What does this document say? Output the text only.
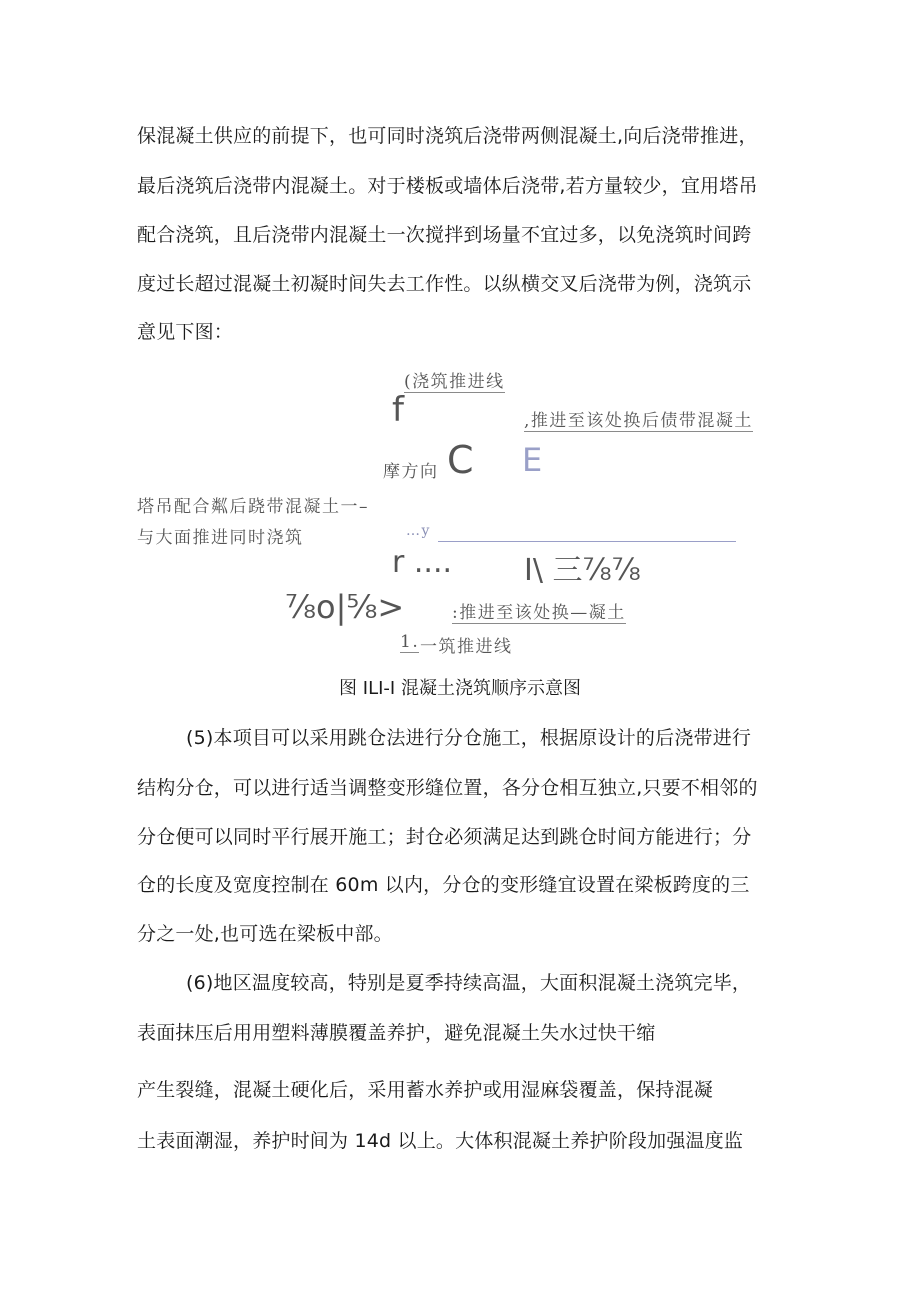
保混凝土供应的前提下，也可同时浇筑后浇带两侧混凝土,向后浇带推进，
最后浇筑后浇带内混凝土。对于楼板或墙体后浇带,若方量较少，宜用塔吊
配合浇筑，且后浇带内混凝土一次搅拌到场量不宜过多，以免浇筑时间跨
度过长超过混凝土初凝时间失去工作性。以纵横交叉后浇带为例，浇筑示
意见下图：
(浇筑推进线
f	,推进至该处换后债带混凝土
摩方向 C E
塔吊配合粼后跷带混凝土一–
与大面推进同时浇筑	…y
r .... I\ 三⅞⅞
⅞o|⅝>	:推进至该处换—凝土
1. 一筑推进线
图 ILI-I 混凝土浇筑顺序示意图
(5)本项目可以采用跳仓法进行分仓施工，根据原设计的后浇带进行
结构分仓，可以进行适当调整变形缝位置，各分仓相互独立,只要不相邻的
分仓便可以同时平行展开施工；封仓必须满足达到跳仓时间方能进行；分
仓的长度及宽度控制在 60m 以内，分仓的变形缝宜设置在梁板跨度的三
分之一处,也可选在梁板中部。
(6)地区温度较高，特别是夏季持续高温，大面积混凝土浇筑完毕，
表面抹压后用用塑料薄膜覆盖养护，避免混凝土失水过快干缩
产生裂缝，混凝土硬化后，采用蓄水养护或用湿麻袋覆盖，保持混凝
土表面潮湿，养护时间为 14d 以上。大体积混凝土养护阶段加强温度监
